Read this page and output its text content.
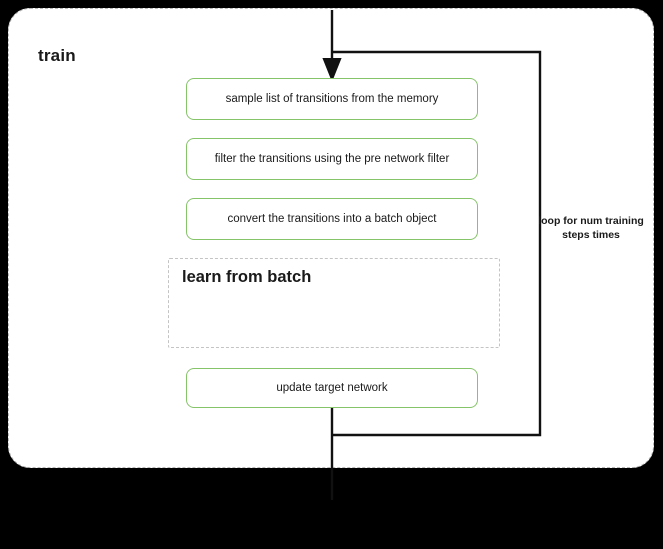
train
sample list of transitions from the memory
filter the transitions using the pre network filter
convert the transitions into a batch object
learn from batch
update target network
loop for num training steps times
